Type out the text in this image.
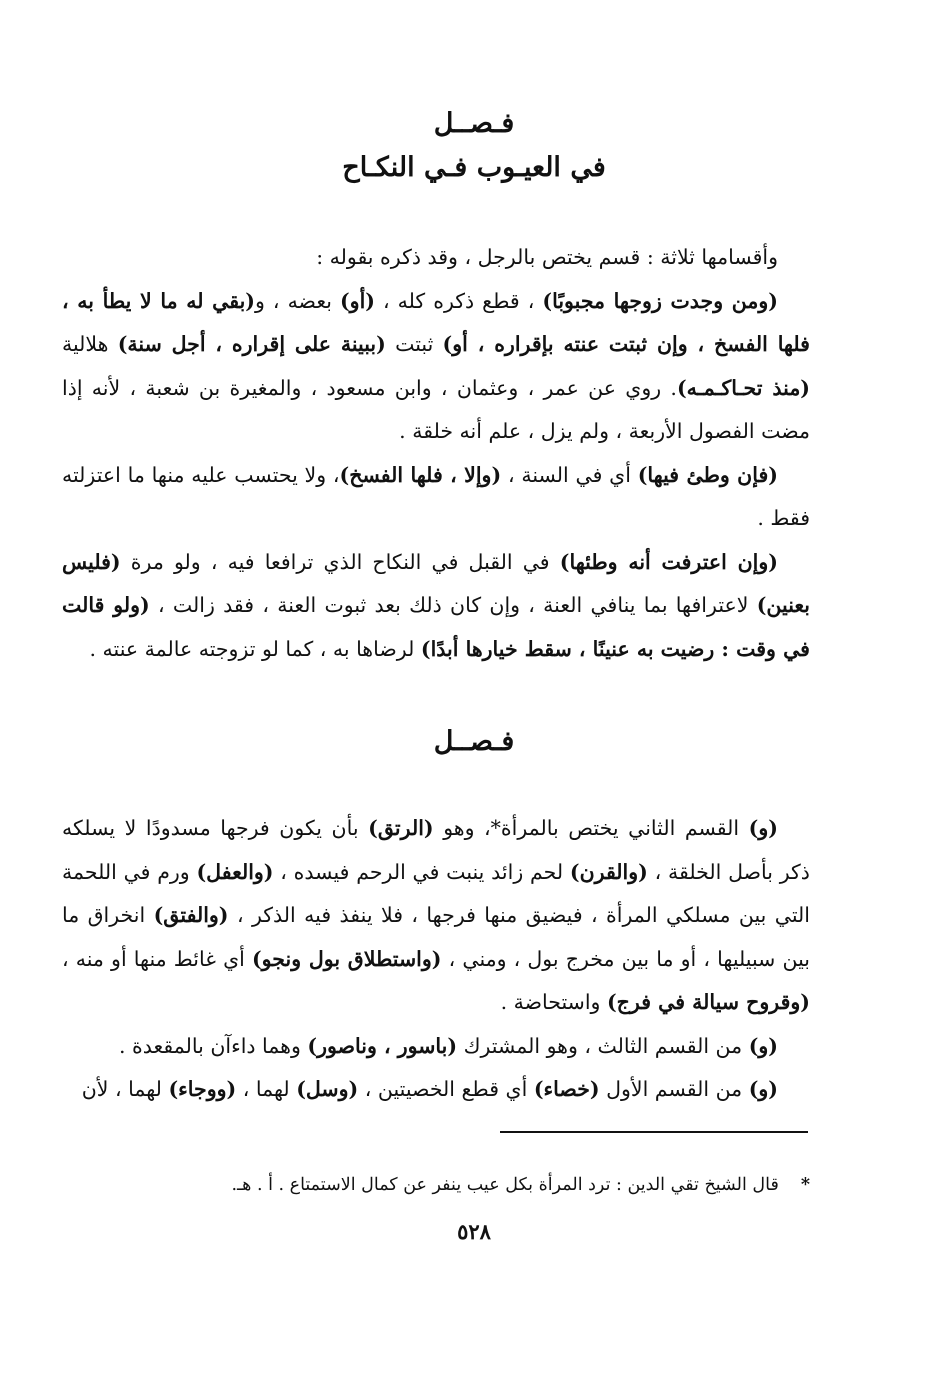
فـصــل
في العيـوب فـي النكـاح

وأقسامها ثلاثة : قسم يختص بالرجل ، وقد ذكره بقوله :

(ومن وجدت زوجها مجبوبًا) ، قطع ذكره كله ، (أو) بعضه ، و(بقي له ما لا يطأ به ، فلها الفسخ ، وإن ثبتت عنته بإقراره ، أو) ثبتت (ببينة على إقراره ، أجل سنة) هلالية (منذ تحـاكـمـه). روي عن عمر ، وعثمان ، وابن مسعود ، والمغيرة بن شعبة ، لأنه إذا مضت الفصول الأربعة ، ولم يزل ، علم أنه خلقة .

(فإن وطئ فيها) أي في السنة ، (وإلا ، فلها الفسخ)، ولا يحتسب عليه منها ما اعتزلته فقط .

(وإن اعترفت أنه وطئها) في القبل في النكاح الذي ترافعا فيه ، ولو مرة (فليس بعنين) لاعترافها بما ينافي العنة ، وإن كان ذلك بعد ثبوت العنة ، فقد زالت ، (ولو قالت في وقت : رضيت به عنينًا ، سقط خيارها أبدًا) لرضاها به ، كما لو تزوجته عالمة عنته .

فـصــل

(و) القسم الثاني يختص بالمرأة*، وهو (الرتق) بأن يكون فرجها مسدودًا لا يسلكه ذكر بأصل الخلقة ، (والقرن) لحم زائد ينبت في الرحم فيسده ، (والعفل) ورم في اللحمة التي بين مسلكي المرأة ، فيضيق منها فرجها ، فلا ينفذ فيه الذكر ، (والفتق) انخراق ما بين سبيليها ، أو ما بين مخرج بول ، ومني ، (واستطلاق بول ونجو) أي غائط منها أو منه ، (وقروح سيالة في فرج) واستحاضة .

(و) من القسم الثالث ، وهو المشترك (باسور ، وناصور) وهما داءآن بالمقعدة .

(و) من القسم الأول (خصاء) أي قطع الخصيتين ، (وسل) لهما ، (ووجاء) لهما ، لأن

*قال الشيخ تقي الدين : ترد المرأة بكل عيب ينفر عن كمال الاستمتاع . أ . هـ.
٥٢٨
